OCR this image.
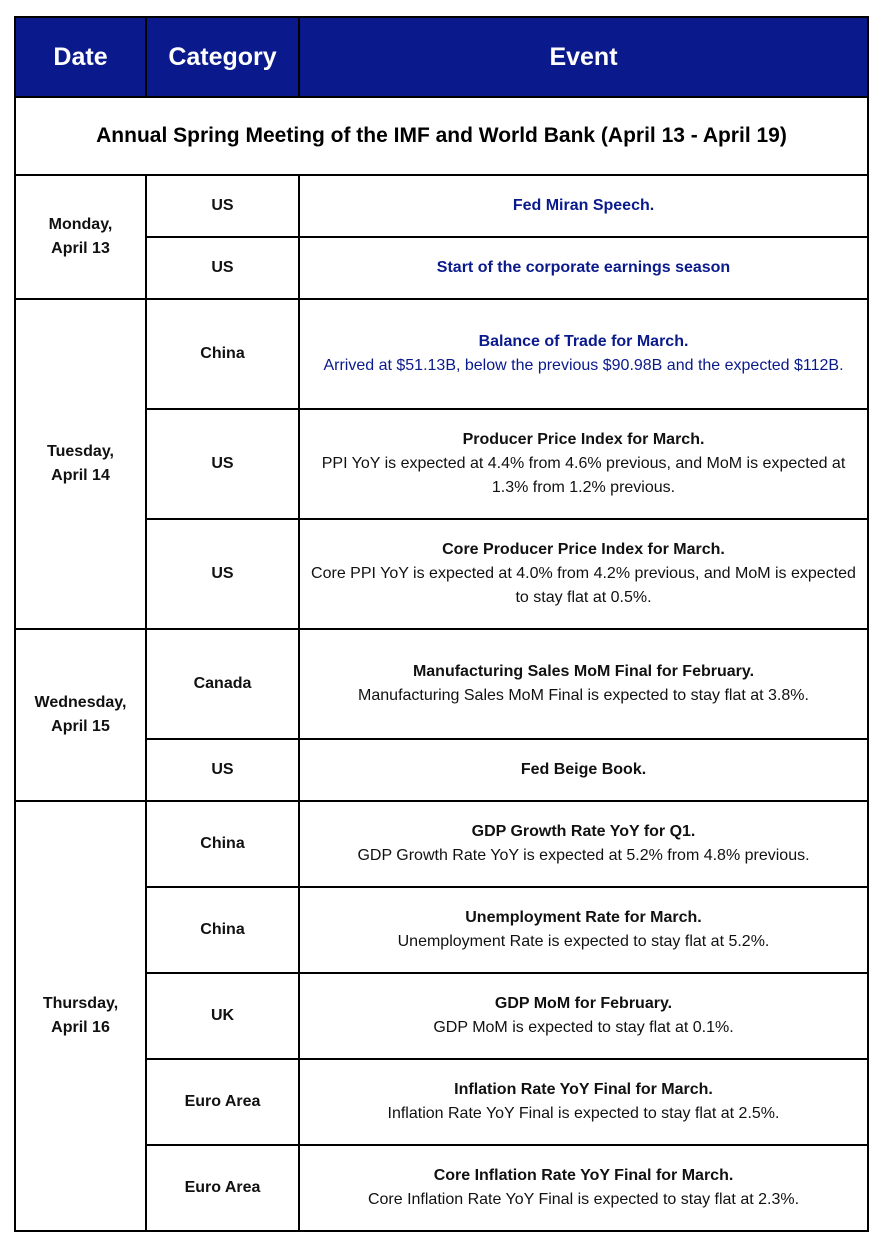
Date	Category	Event
Annual Spring Meeting of the IMF and World Bank (April 13 - April 19)		
Monday,
April 13	US	Fed Miran Speech.

	US	Start of the corporate earnings season

Tuesday,
April 14	China	Balance of Trade for March.
Arrived at $51.13B, below the previous $90.98B and the expected $112B.

	US	Producer Price Index for March.
PPI YoY is expected at 4.4% from 4.6% previous, and MoM is expected at 1.3% from 1.2% previous.

	US	Core Producer Price Index for March.
Core PPI YoY is expected at 4.0% from 4.2% previous, and MoM is expected to stay flat at 0.5%.

Wednesday,
April 15	Canada	Manufacturing Sales MoM Final for February.
Manufacturing Sales MoM Final is expected to stay flat at 3.8%.

	US	Fed Beige Book.

Thursday,
April 16	China	GDP Growth Rate YoY for Q1.
GDP Growth Rate YoY is expected at 5.2% from 4.8% previous.

	China	Unemployment Rate for March.
Unemployment Rate is expected to stay flat at 5.2%.

	UK	GDP MoM for February.
GDP MoM is expected to stay flat at 0.1%.

	Euro Area	Inflation Rate YoY Final for March.
Inflation Rate YoY Final is expected to stay flat at 2.5%.

	Euro Area	Core Inflation Rate YoY Final for March.
Core Inflation Rate YoY Final is expected to stay flat at 2.3%.
